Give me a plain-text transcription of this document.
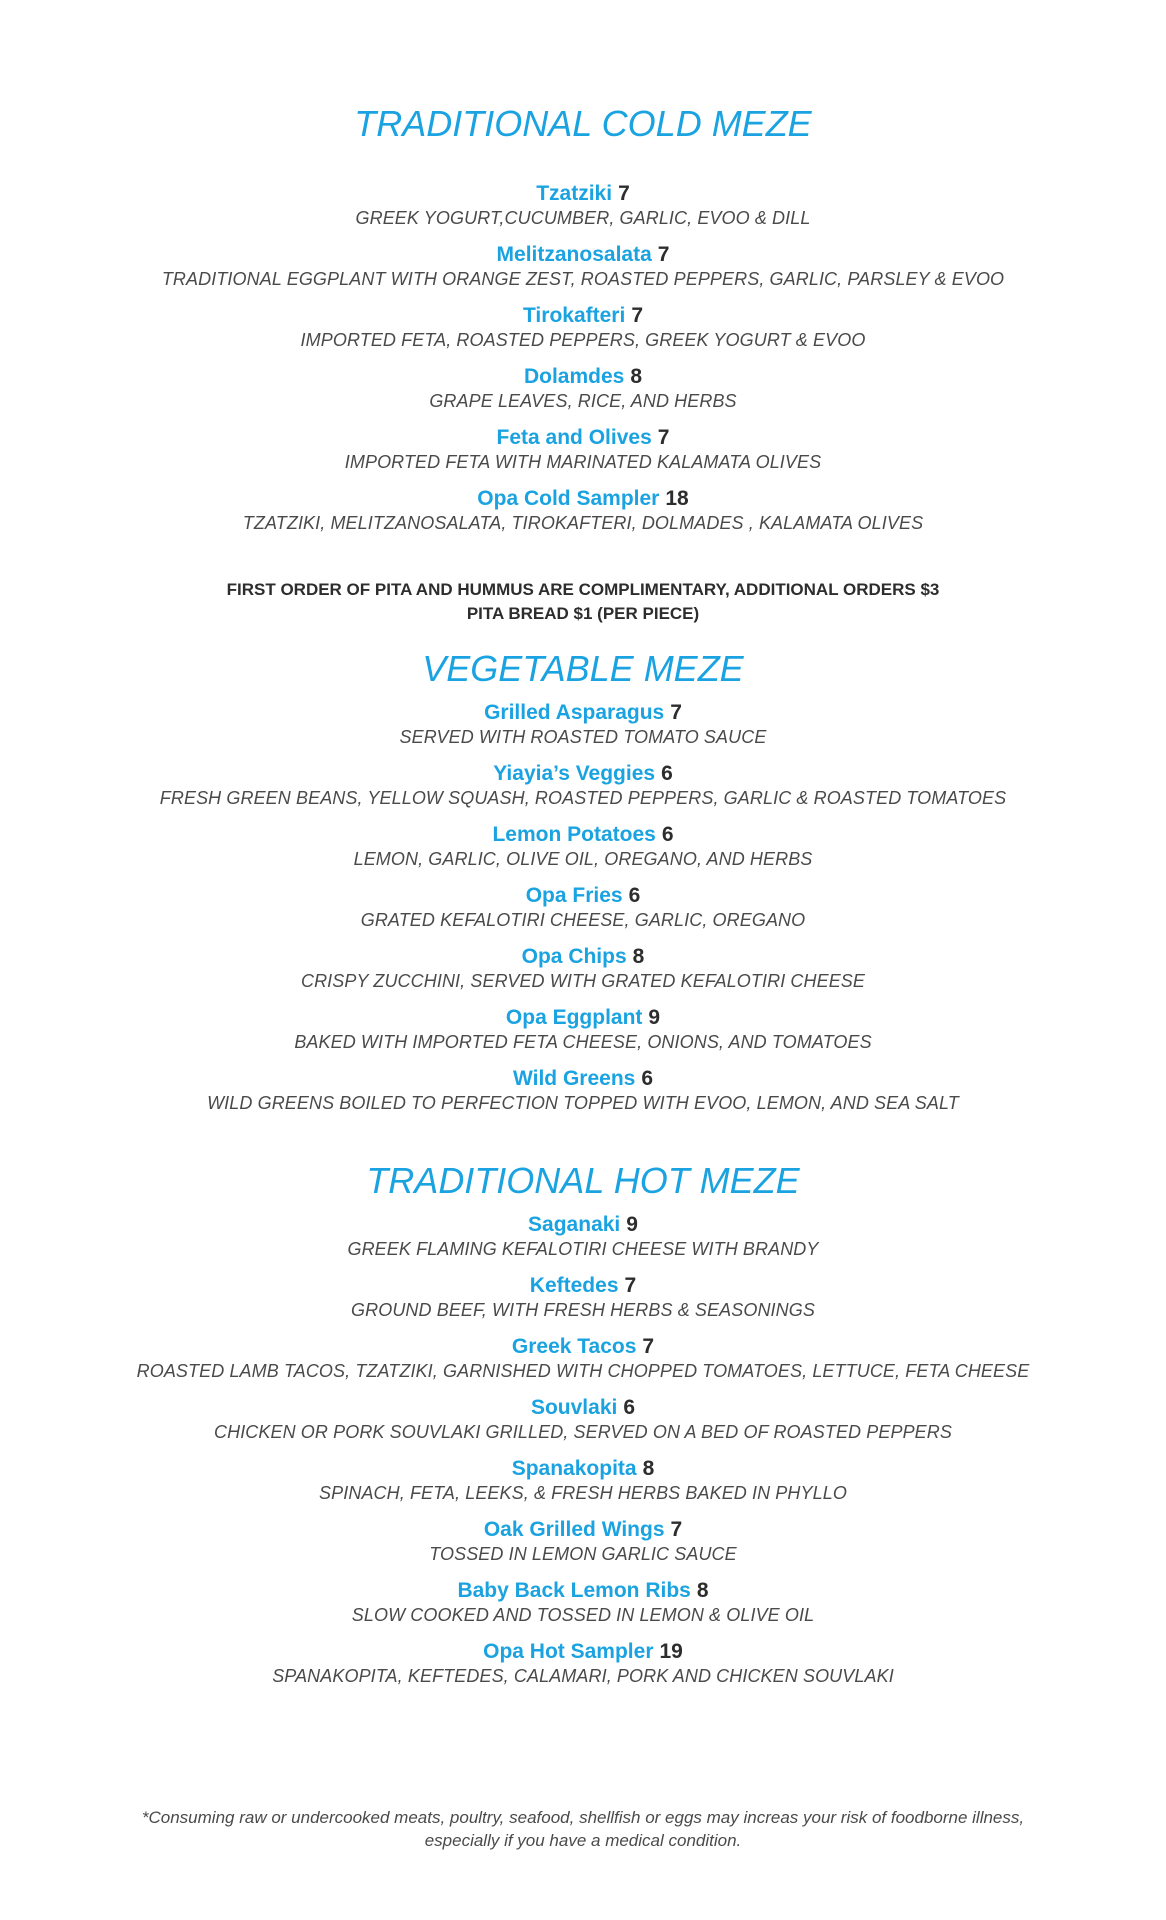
TRADITIONAL COLD MEZE
Tzatziki 7
GREEK YOGURT,CUCUMBER, GARLIC, EVOO & DILL
Melitzanosalata 7
TRADITIONAL EGGPLANT WITH ORANGE ZEST, ROASTED PEPPERS, GARLIC, PARSLEY & EVOO
Tirokafteri 7
IMPORTED FETA, ROASTED PEPPERS, GREEK YOGURT & EVOO
Dolamdes 8
GRAPE LEAVES, RICE, AND HERBS
Feta and Olives 7
IMPORTED FETA WITH MARINATED KALAMATA OLIVES
Opa Cold Sampler 18
TZATZIKI, MELITZANOSALATA, TIROKAFTERI, DOLMADES , KALAMATA OLIVES
FIRST ORDER OF PITA AND HUMMUS ARE COMPLIMENTARY, ADDITIONAL ORDERS $3
PITA BREAD $1 (PER PIECE)
VEGETABLE MEZE
Grilled Asparagus 7
SERVED WITH ROASTED TOMATO SAUCE
Yiayia’s Veggies 6
FRESH GREEN BEANS, YELLOW SQUASH, ROASTED PEPPERS, GARLIC & ROASTED TOMATOES
Lemon Potatoes 6
LEMON, GARLIC, OLIVE OIL, OREGANO, AND HERBS
Opa Fries 6
GRATED KEFALOTIRI CHEESE, GARLIC, OREGANO
Opa Chips 8
CRISPY ZUCCHINI, SERVED WITH GRATED KEFALOTIRI CHEESE
Opa Eggplant 9
BAKED WITH IMPORTED FETA CHEESE, ONIONS, AND TOMATOES
Wild Greens 6
WILD GREENS BOILED TO PERFECTION TOPPED WITH EVOO, LEMON, AND SEA SALT
TRADITIONAL HOT MEZE
Saganaki 9
GREEK FLAMING KEFALOTIRI CHEESE WITH BRANDY
Keftedes 7
GROUND BEEF, WITH FRESH HERBS & SEASONINGS
Greek Tacos 7
ROASTED LAMB TACOS, TZATZIKI, GARNISHED WITH CHOPPED TOMATOES, LETTUCE, FETA CHEESE
Souvlaki 6
CHICKEN OR PORK SOUVLAKI GRILLED, SERVED ON A BED OF ROASTED PEPPERS
Spanakopita 8
SPINACH, FETA, LEEKS, & FRESH HERBS BAKED IN PHYLLO
Oak Grilled Wings 7
TOSSED IN LEMON GARLIC SAUCE
Baby Back Lemon Ribs 8
SLOW COOKED AND TOSSED IN LEMON & OLIVE OIL
Opa Hot Sampler 19
SPANAKOPITA, KEFTEDES, CALAMARI, PORK AND CHICKEN SOUVLAKI
*Consuming raw or undercooked meats, poultry, seafood, shellfish or eggs may increas your risk of foodborne illness,
especially if you have a medical condition.
